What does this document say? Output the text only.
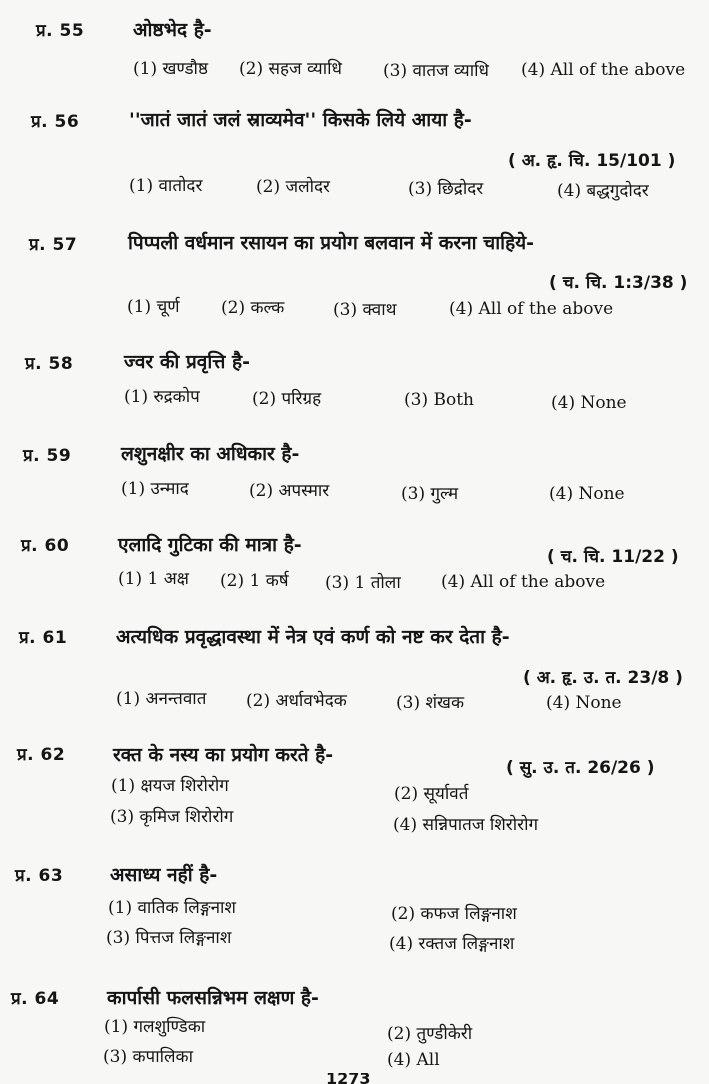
प्र. 55	ओष्ठभेद है-
(1) खण्डौष्ठ (2) सहज व्याधि (3) वातज व्याधि (4) All of the above
प्र. 56	''जातं जातं जलं स्राव्यमेव'' किसके लिये आया है-
( अ. हृ. चि. 15/101 )
(1) वातोदर	(2) जलोदर	(3) छिद्रोदर	(4) बद्धगुदोदर
प्र. 57	पिप्पली वर्धमान रसायन का प्रयोग बलवान में करना चाहिये-
( च. चि. 1:3/38 )
(1) चूर्ण (2) कल्क	(3) क्वाथ	(4) All of the above
प्र. 58	ज्वर की प्रवृत्ति है-
(1) रुद्रकोप	(2) परिग्रह	(3) Both	(4) None
प्र. 59	लशुनक्षीर का अधिकार है-
(1) उन्माद	(2) अपस्मार	(3) गुल्म	(4) None
प्र. 60	एलादि गुटिका की मात्रा है-
( च. चि. 11/22 )
(1) 1 अक्ष (2) 1 कर्ष (3) 1 तोला (4) All of the above
प्र. 61	अत्यधिक प्रवृद्धावस्था में नेत्र एवं कर्ण को नष्ट कर देता है-
( अ. हृ. उ. त. 23/8 )
(1) अनन्तवात (2) अर्धावभेदक	(3) शंखक	(4) None
प्र. 62	रक्त के नस्य का प्रयोग करते है-
( सु. उ. त. 26/26 )
(1) क्षयज शिरोरोग	(2) सूर्यावर्त
(3) कृमिज शिरोरोग	(4) सन्निपातज शिरोरोग
प्र. 63 असाध्य नहीं है-
(1) वातिक लिङ्गनाश	(2) कफज लिङ्गनाश
(3) पित्तज लिङ्गनाश	(4) रक्तज लिङ्गनाश
प्र. 64	कार्पासी फलसन्निभम लक्षण है-
(1) गलशुण्डिका	(2) तुण्डीकेरी
(3) कपालिका	(4) All
1273
